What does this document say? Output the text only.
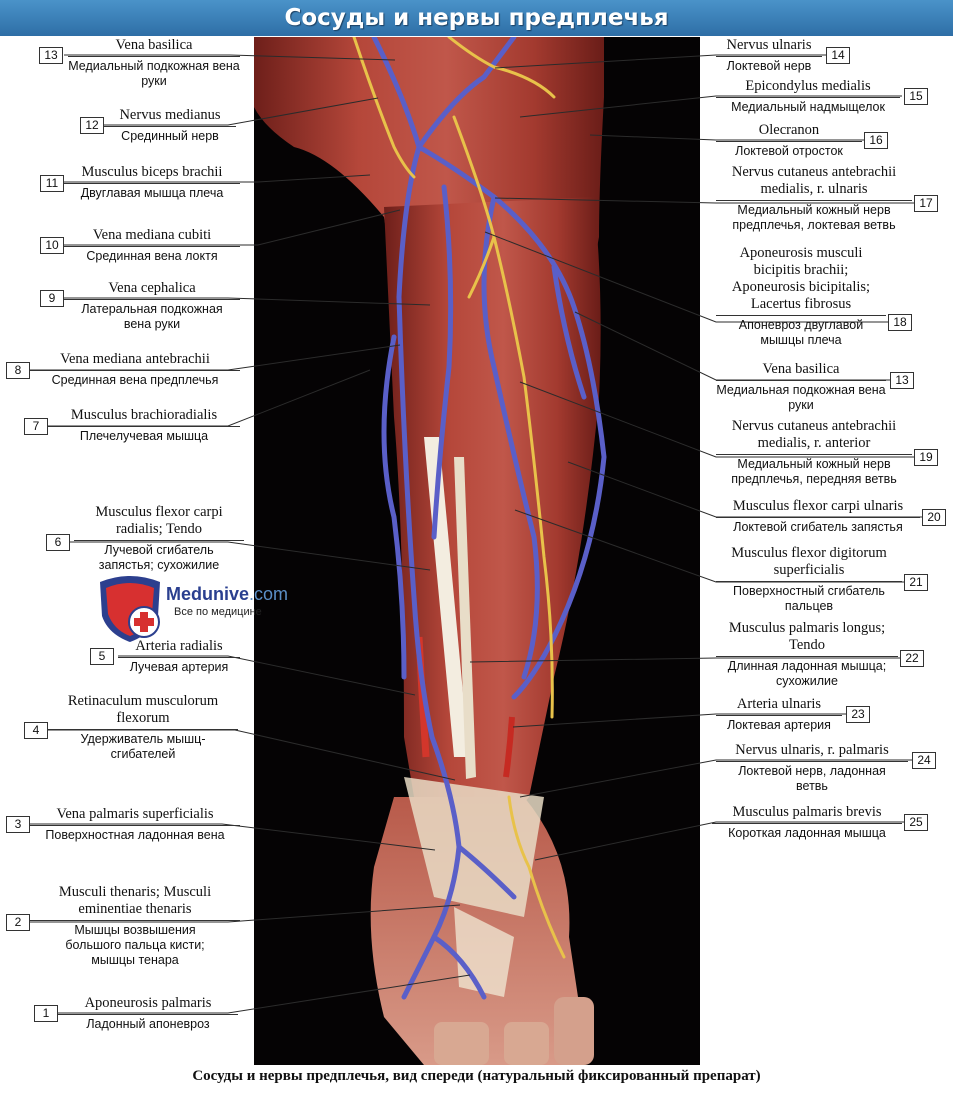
Сосуды и нервы предплечья
Vena basilica
Медиальный подкожная вена руки
13
Nervus medianus
Срединный нерв
12
Musculus biceps brachii
Двуглавая мышца плеча
11
Vena mediana cubiti
Срединная вена локтя
10
Vena cephalica
Латеральная подкожная вена руки
9
Vena mediana antebrachii
Срединная вена предплечья
8
Musculus brachioradialis
Плечелучевая мышца
7
Musculus flexor carpi radialis; Tendo
Лучевой сгибатель запястья; сухожилие
6
Arteria radialis
Лучевая артерия
5
Retinaculum musculorum flexorum
Удерживатель мышц-сгибателей
4
Vena palmaris superficialis
Поверхностная ладонная вена
3
Musculi thenaris; Musculi eminentiae thenaris
Мышцы возвышения большого пальца кисти; мышцы тенара
2
Aponeurosis palmaris
Ладонный апоневроз
1
Nervus ulnaris
Локтевой нерв
14
Epicondylus medialis
Медиальный надмыщелок
15
Olecranon
Локтевой отросток
16
Nervus cutaneus antebrachii medialis, r. ulnaris
Медиальный кожный нерв предплечья, локтевая ветвь
17
Aponeurosis musculi bicipitis brachii; Aponeurosis bicipitalis; Lacertus fibrosus
Апоневроз двуглавой мышцы плеча
18
Vena basilica
Медиальная подкожная вена руки
13
Nervus cutaneus antebrachii medialis, r. anterior
Медиальный кожный нерв предплечья, передняя ветвь
19
Musculus flexor carpi ulnaris
Локтевой сгибатель запястья
20
Musculus flexor digitorum superficialis
Поверхностный сгибатель пальцев
21
Musculus palmaris longus; Tendo
Длинная ладонная мышца; сухожилие
22
Arteria ulnaris
Локтевая артерия
23
Nervus ulnaris, r. palmaris
Локтевой нерв, ладонная ветвь
24
Musculus palmaris brevis
Короткая ладонная мышца
25
Medunive.com
Все по медицине
Сосуды и нервы предплечья, вид спереди (натуральный фиксированный препарат)
